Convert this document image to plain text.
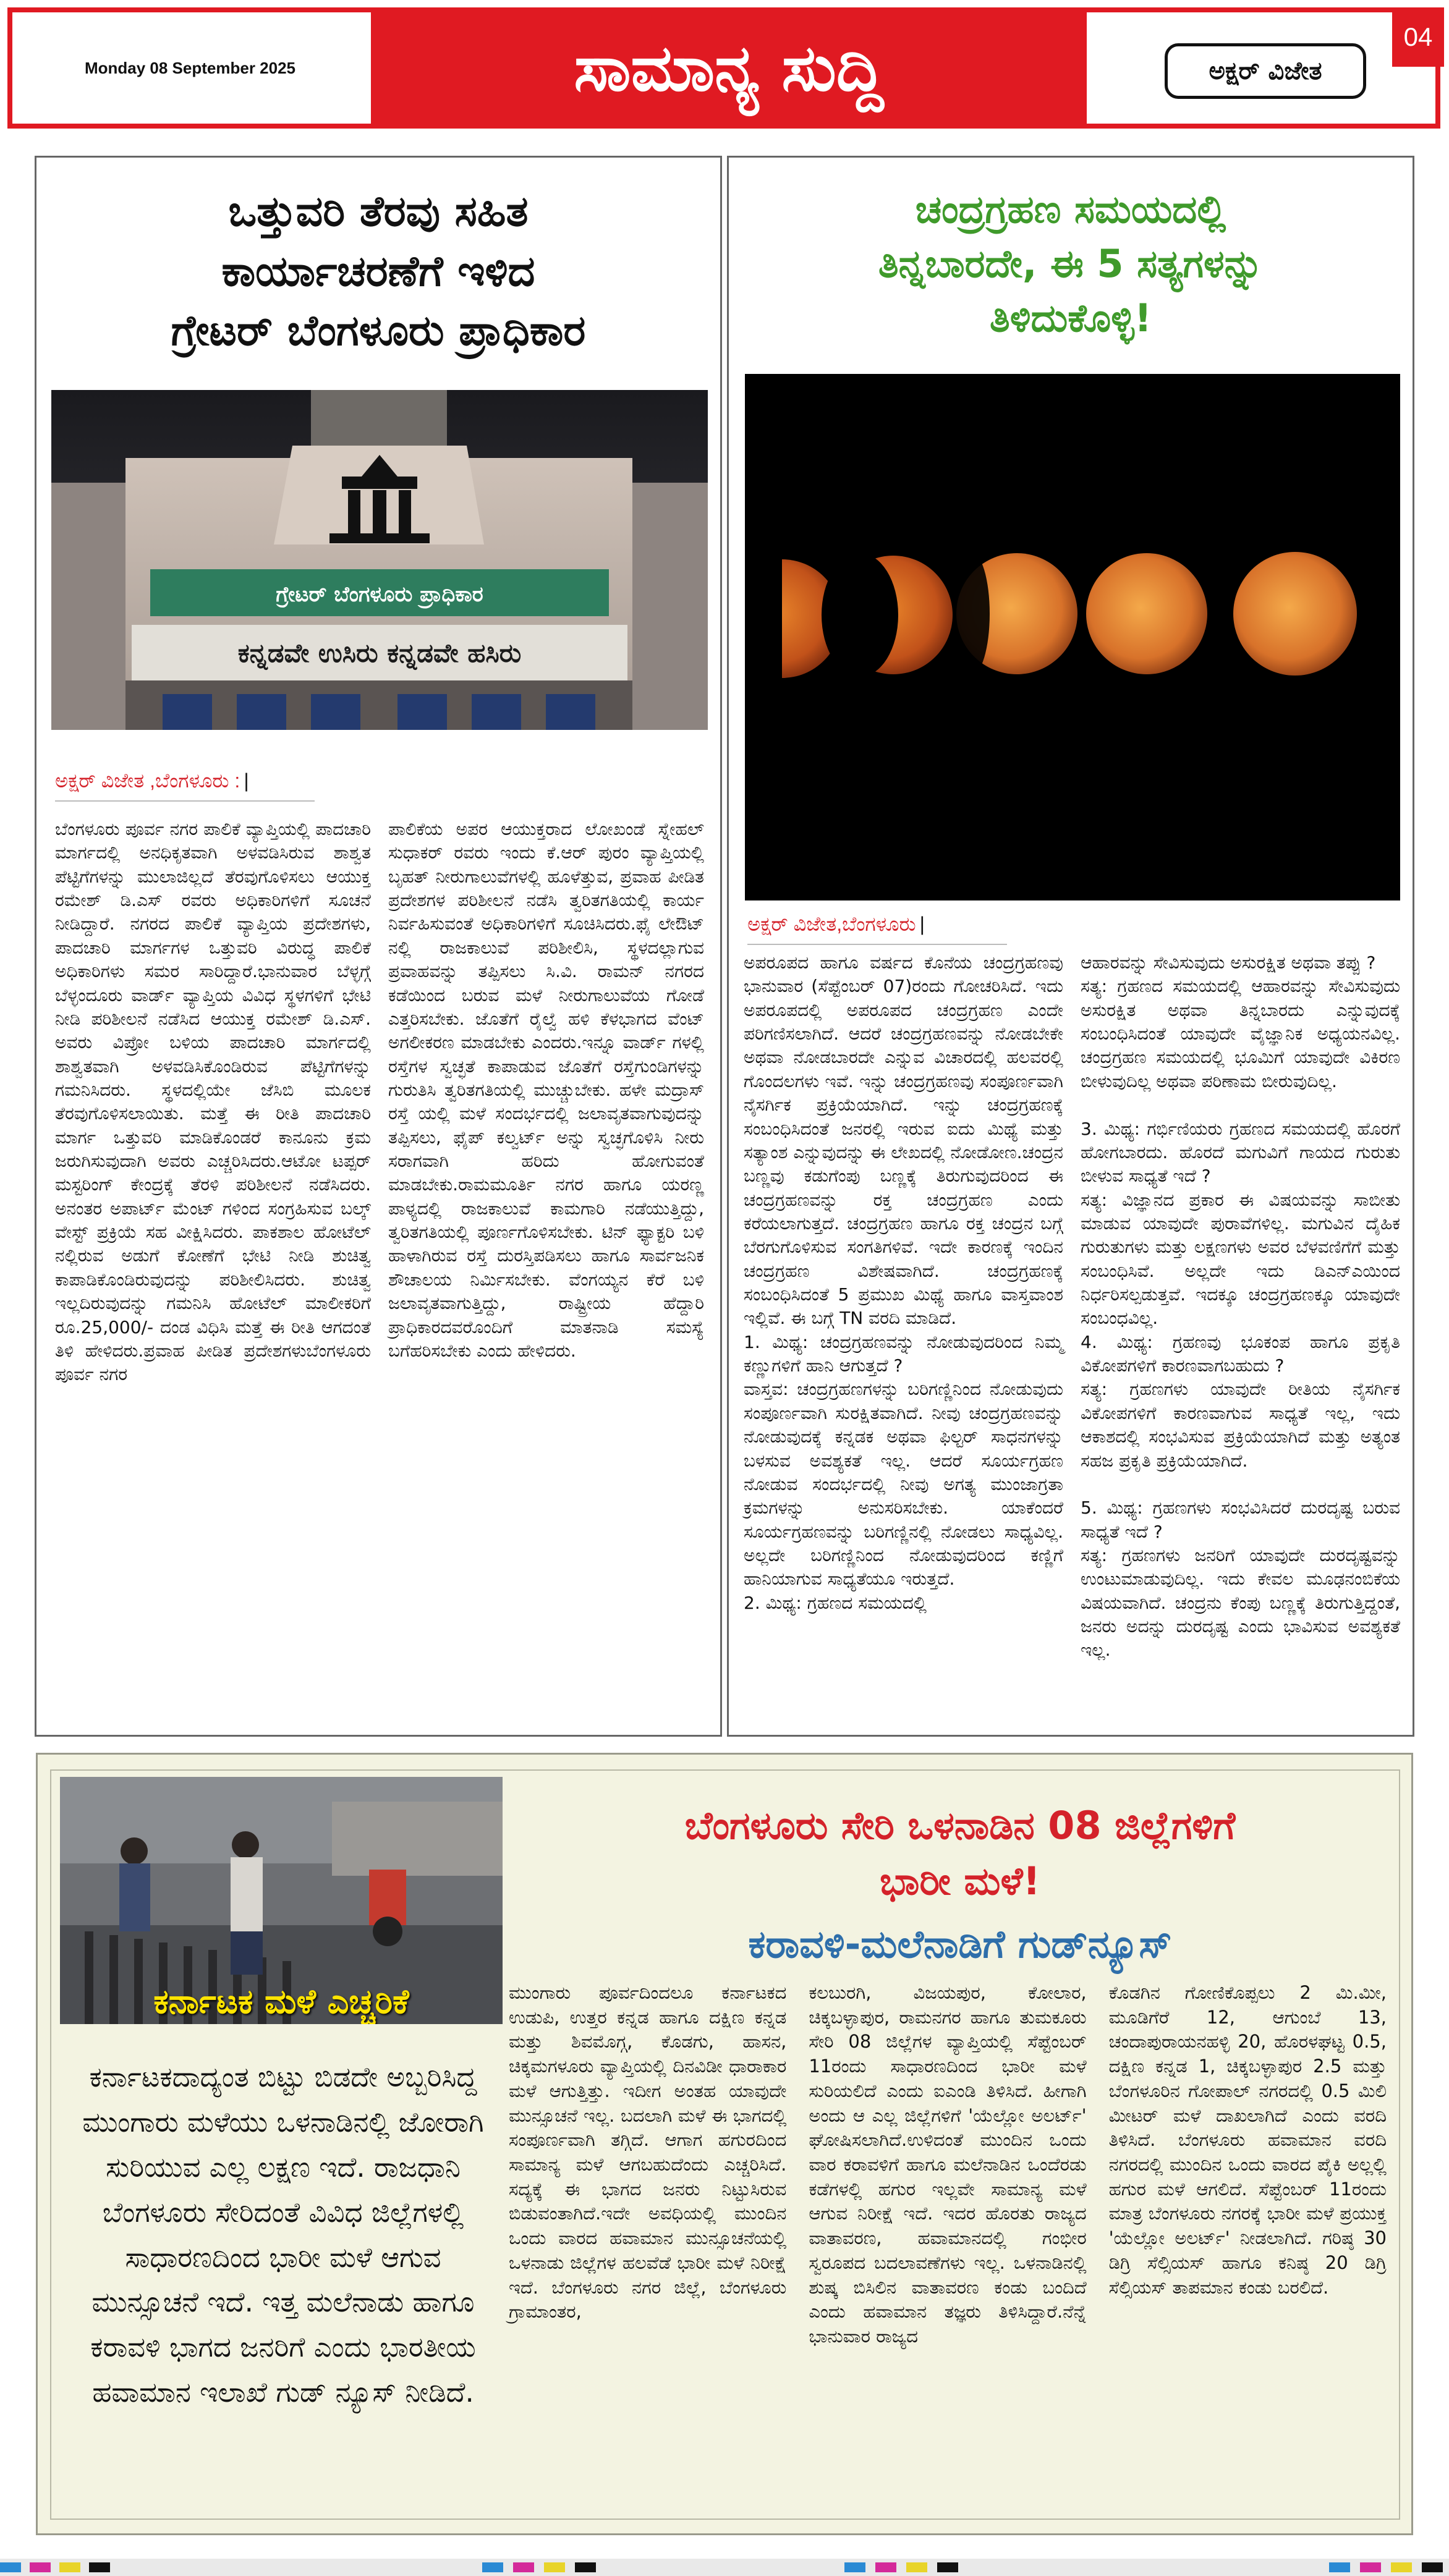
Monday 08 September 2025	ಸಾಮಾನ್ಯ ಸುದ್ದಿ	ಅಕ್ಷರ್ ವಿಜೇತ
04
ಒತ್ತುವರಿ ತೆರವು ಸಹಿತ
ಕಾರ್ಯಾಚರಣೆಗೆ ಇಳಿದ
ಗ್ರೇಟರ್ ಬೆಂಗಳೂರು ಪ್ರಾಧಿಕಾರ
ಗ್ರೇಟರ್ ಬೆಂಗಳೂರು ಪ್ರಾಧಿಕಾರ
ಕನ್ನಡವೇ ಉಸಿರು ಕನ್ನಡವೇ ಹಸಿರು
ಅಕ್ಷರ್ ವಿಜೇತ ,ಬೆಂಗಳೂರು : |

ಬೆಂಗಳೂರು ಪೂರ್ವ ನಗರ ಪಾಲಿಕೆ ವ್ಯಾಪ್ತಿಯಲ್ಲಿ ಪಾದಚಾರಿ ಮಾರ್ಗದಲ್ಲಿ ಅನಧಿಕೃತವಾಗಿ ಅಳವಡಿಸಿರುವ ಶಾಶ್ವತ ಪೆಟ್ಟಿಗೆಗಳನ್ನು ಮುಲಾಜಿಲ್ಲದೆ ತೆರವುಗೊಳಿಸಲು ಆಯುಕ್ತ ರಮೇಶ್ ಡಿ.ಎಸ್ ರವರು ಅಧಿಕಾರಿಗಳಿಗೆ ಸೂಚನೆ ನೀಡಿದ್ದಾರೆ. ನಗರದ ಪಾಲಿಕೆ ವ್ಯಾಪ್ತಿಯ ಪ್ರದೇಶಗಳು, ಪಾದಚಾರಿ ಮಾರ್ಗಗಳ ಒತ್ತುವರಿ ವಿರುದ್ಧ ಪಾಲಿಕೆ ಅಧಿಕಾರಿಗಳು ಸಮರ ಸಾರಿದ್ದಾರೆ.ಭಾನುವಾರ ಬೆಳ್ಳಗ್ಗೆ ಬೆಳ್ಳಂದೂರು ವಾರ್ಡ್ ವ್ಯಾಪ್ತಿಯ ವಿವಿಧ ಸ್ಥಳಗಳಿಗೆ ಭೇಟಿ ನೀಡಿ ಪರಿಶೀಲನೆ ನಡೆಸಿದ ಆಯುಕ್ತ ರಮೇಶ್ ಡಿ.ಎಸ್. ಅವರು ವಿಪ್ರೋ ಬಳಿಯ ಪಾದಚಾರಿ ಮಾರ್ಗದಲ್ಲಿ ಶಾಶ್ವತವಾಗಿ ಅಳವಡಿಸಿಕೊಂಡಿರುವ ಪೆಟ್ಟಿಗೆಗಳನ್ನು ಗಮನಿಸಿದರು. ಸ್ಥಳದಲ್ಲಿಯೇ ಜೆಸಿಬಿ ಮೂಲಕ ತೆರವುಗೊಳಿಸಲಾಯಿತು. ಮತ್ತೆ ಈ ರೀತಿ ಪಾದಚಾರಿ ಮಾರ್ಗ ಒತ್ತುವರಿ ಮಾಡಿಕೊಂಡರೆ ಕಾನೂನು ಕ್ರಮ ಜರುಗಿಸುವುದಾಗಿ ಅವರು ಎಚ್ಚರಿಸಿದರು.ಆಟೋ ಟಪ್ಪರ್ ಮಸ್ಟರಿಂಗ್ ಕೇಂದ್ರಕ್ಕೆ ತೆರಳಿ ಪರಿಶೀಲನೆ ನಡೆಸಿದರು. ಅನಂತರ ಅಪಾರ್ಟ್ ಮೆಂಟ್ ಗಳಿಂದ ಸಂಗ್ರಹಿಸುವ ಬಲ್ಕ್ ವೇಸ್ಟ್ ಪ್ರಕ್ರಿಯೆ ಸಹ ವೀಕ್ಷಿಸಿದರು. ಪಾಕಶಾಲ ಹೋಟೆಲ್ ನಲ್ಲಿರುವ ಅಡುಗೆ ಕೋಣೆಗೆ ಭೇಟಿ ನೀಡಿ ಶುಚಿತ್ವ ಕಾಪಾಡಿಕೊಂಡಿರುವುದನ್ನು ಪರಿಶೀಲಿಸಿದರು. ಶುಚಿತ್ವ ಇಲ್ಲದಿರುವುದನ್ನು ಗಮನಿಸಿ ಹೋಟೆಲ್ ಮಾಲೀಕರಿಗೆ ರೂ.25,000/- ದಂಡ ವಿಧಿಸಿ ಮತ್ತೆ ಈ ರೀತಿ ಆಗದಂತೆ ತಿಳಿ ಹೇಳಿದರು.ಪ್ರವಾಹ ಪೀಡಿತ ಪ್ರದೇಶಗಳುಬೆಂಗಳೂರು ಪೂರ್ವ ನಗರ

ಪಾಲಿಕೆಯ ಅಪರ ಆಯುಕ್ತರಾದ ಲೋಖಂಡೆ ಸ್ನೇಹಲ್ ಸುಧಾಕರ್ ರವರು ಇಂದು ಕೆ.ಆರ್ ಪುರಂ ವ್ಯಾಪ್ತಿಯಲ್ಲಿ ಬೃಹತ್ ನೀರುಗಾಲುವೆಗಳಲ್ಲಿ ಹೂಳೆತ್ತುವ, ಪ್ರವಾಹ ಪೀಡಿತ ಪ್ರದೇಶಗಳ ಪರಿಶೀಲನೆ ನಡೆಸಿ ತ್ವರಿತಗತಿಯಲ್ಲಿ ಕಾರ್ಯ ನಿರ್ವಹಿಸುವಂತೆ ಅಧಿಕಾರಿಗಳಿಗೆ ಸೂಚಿಸಿದರು.ಫೈ ಲೇಔಟ್ ನಲ್ಲಿ ರಾಜಕಾಲುವೆ ಪರಿಶೀಲಿಸಿ, ಸ್ಥಳದಲ್ಲಾಗುವ ಪ್ರವಾಹವನ್ನು ತಪ್ಪಿಸಲು ಸಿ.ವಿ. ರಾಮನ್ ನಗರದ ಕಡೆಯಿಂದ ಬರುವ ಮಳೆ ನೀರುಗಾಲುವೆಯ ಗೋಡೆ ಎತ್ತರಿಸಬೇಕು. ಜೊತೆಗೆ ರೈಲ್ವೆ ಹಳಿ ಕೆಳಭಾಗದ ವೆಂಟ್ ಅಗಲೀಕರಣ ಮಾಡಬೇಕು ಎಂದರು.ಇನ್ನೂ ವಾರ್ಡ್ ಗಳಲ್ಲಿ ರಸ್ತೆಗಳ ಸ್ವಚ್ಛತೆ ಕಾಪಾಡುವ ಜೊತೆಗೆ ರಸ್ತೆಗುಂಡಿಗಳನ್ನು ಗುರುತಿಸಿ ತ್ವರಿತಗತಿಯಲ್ಲಿ ಮುಚ್ಚುಬೇಕು. ಹಳೇ ಮದ್ರಾಸ್ ರಸ್ತೆ ಯಲ್ಲಿ ಮಳೆ ಸಂದರ್ಭದಲ್ಲಿ ಜಲಾವೃತವಾಗುವುದನ್ನು ತಪ್ಪಿಸಲು, ಫೈಪ್ ಕಲ್ವರ್ಟ್ ಅನ್ನು ಸ್ವಚ್ಛಗೊಳಿಸಿ ನೀರು ಸರಾಗವಾಗಿ ಹರಿದು ಹೋಗುವಂತೆ ಮಾಡಬೇಕು.ರಾಮಮೂರ್ತಿ ನಗರ ಹಾಗೂ ಯರಣ್ಣ ಪಾಳ್ಯದಲ್ಲಿ ರಾಜಕಾಲುವೆ ಕಾಮಗಾರಿ ನಡೆಯುತ್ತಿದ್ದು, ತ್ವರಿತಗತಿಯಲ್ಲಿ ಪೂರ್ಣಗೊಳಿಸಬೇಕು. ಟಿನ್ ಫ್ಯಾಕ್ಟರಿ ಬಳಿ ಹಾಳಾಗಿರುವ ರಸ್ತೆ ದುರಸ್ತಿಪಡಿಸಲು ಹಾಗೂ ಸಾರ್ವಜನಿಕ ಶೌಚಾಲಯ ನಿರ್ಮಿಸಬೇಕು. ವೆಂಗಯ್ಯನ ಕೆರೆ ಬಳಿ ಜಲಾವೃತವಾಗುತ್ತಿದ್ದು, ರಾಷ್ಟ್ರೀಯ ಹೆದ್ದಾರಿ ಪ್ರಾಧಿಕಾರದವರೊಂದಿಗೆ ಮಾತನಾಡಿ ಸಮಸ್ಯೆ ಬಗೆಹರಿಸಬೇಕು ಎಂದು ಹೇಳಿದರು.

ಚಂದ್ರಗ್ರಹಣ ಸಮಯದಲ್ಲಿ
ತಿನ್ನಬಾರದೇ, ಈ 5 ಸತ್ಯಗಳನ್ನು
ತಿಳಿದುಕೊಳ್ಳಿ!
ಅಕ್ಷರ್ ವಿಜೇತ,ಬೆಂಗಳೂರು |

ಅಪರೂಪದ ಹಾಗೂ ವರ್ಷದ ಕೊನೆಯ ಚಂದ್ರಗ್ರಹಣವು ಭಾನುವಾರ (ಸೆಪ್ಟೆಂಬರ್ 07)ರಂದು ಗೋಚರಿಸಿದೆ. ಇದು ಅಪರೂಪದಲ್ಲಿ ಅಪರೂಪದ ಚಂದ್ರಗ್ರಹಣ ಎಂದೇ ಪರಿಗಣಿಸಲಾಗಿದೆ. ಆದರೆ ಚಂದ್ರಗ್ರಹಣವನ್ನು ನೋಡಬೇಕೇ ಅಥವಾ ನೋಡಬಾರದೇ ಎನ್ನುವ ವಿಚಾರದಲ್ಲಿ ಹಲವರಲ್ಲಿ ಗೊಂದಲಗಳು ಇವೆ. ಇನ್ನು ಚಂದ್ರಗ್ರಹಣವು ಸಂಪೂರ್ಣವಾಗಿ ನೈಸರ್ಗಿಕ ಪ್ರಕ್ರಿಯೆಯಾಗಿದೆ. ಇನ್ನು ಚಂದ್ರಗ್ರಹಣಕ್ಕೆ ಸಂಬಂಧಿಸಿದಂತೆ ಜನರಲ್ಲಿ ಇರುವ ಐದು ಮಿಥ್ಯೆ ಮತ್ತು ಸತ್ಯಾಂಶ ಎನ್ನುವುದನ್ನು ಈ ಲೇಖದಲ್ಲಿ ನೋಡೋಣ.ಚಂದ್ರನ ಬಣ್ಣವು ಕಡುಗೆಂಪು ಬಣ್ಣಕ್ಕೆ ತಿರುಗುವುದರಿಂದ ಈ ಚಂದ್ರಗ್ರಹಣವನ್ನು ರಕ್ತ ಚಂದ್ರಗ್ರಹಣ ಎಂದು ಕರೆಯಲಾಗುತ್ತದೆ. ಚಂದ್ರಗ್ರಹಣ ಹಾಗೂ ರಕ್ತ ಚಂದ್ರನ ಬಗ್ಗೆ ಬೆರಗುಗೊಳಿಸುವ ಸಂಗತಿಗಳಿವೆ. ಇದೇ ಕಾರಣಕ್ಕೆ ಇಂದಿನ ಚಂದ್ರಗ್ರಹಣ ವಿಶೇಷವಾಗಿದೆ. ಚಂದ್ರಗ್ರಹಣಕ್ಕೆ ಸಂಬಂಧಿಸಿದಂತೆ 5 ಪ್ರಮುಖ ಮಿಥ್ಯೆ ಹಾಗೂ ವಾಸ್ತವಾಂಶ ಇಲ್ಲಿವೆ. ಈ ಬಗ್ಗೆ TN ವರದಿ ಮಾಡಿದೆ.
1. ಮಿಥ್ಯ: ಚಂದ್ರಗ್ರಹಣವನ್ನು ನೋಡುವುದರಿಂದ ನಿಮ್ಮ ಕಣ್ಣುಗಳಿಗೆ ಹಾನಿ ಆಗುತ್ತದೆ ?
ವಾಸ್ತವ: ಚಂದ್ರಗ್ರಹಣಗಳನ್ನು ಬರಿಗಣ್ಣಿನಿಂದ ನೋಡುವುದು ಸಂಪೂರ್ಣವಾಗಿ ಸುರಕ್ಷಿತವಾಗಿದೆ. ನೀವು ಚಂದ್ರಗ್ರಹಣವನ್ನು ನೋಡುವುದಕ್ಕೆ ಕನ್ನಡಕ ಅಥವಾ ಫಿಲ್ಟರ್ ಸಾಧನಗಳನ್ನು ಬಳಸುವ ಅವಶ್ಯಕತೆ ಇಲ್ಲ. ಆದರೆ ಸೂರ್ಯಗ್ರಹಣ ನೋಡುವ ಸಂದರ್ಭದಲ್ಲಿ ನೀವು ಅಗತ್ಯ ಮುಂಜಾಗ್ರತಾ ಕ್ರಮಗಳನ್ನು ಅನುಸರಿಸಬೇಕು. ಯಾಕೆಂದರೆ ಸೂರ್ಯಗ್ರಹಣವನ್ನು ಬರಿಗಣ್ಣಿನಲ್ಲಿ ನೋಡಲು ಸಾಧ್ಯವಿಲ್ಲ. ಅಲ್ಲದೇ ಬರಿಗಣ್ಣಿನಿಂದ ನೋಡುವುದರಿಂದ ಕಣ್ಣಿಗೆ ಹಾನಿಯಾಗುವ ಸಾಧ್ಯತೆಯೂ ಇರುತ್ತದೆ.
2. ಮಿಥ್ಯ: ಗ್ರಹಣದ ಸಮಯದಲ್ಲಿ

ಆಹಾರವನ್ನು ಸೇವಿಸುವುದು ಅಸುರಕ್ಷಿತ ಅಥವಾ ತಪ್ಪು ?
ಸತ್ಯ: ಗ್ರಹಣದ ಸಮಯದಲ್ಲಿ ಆಹಾರವನ್ನು ಸೇವಿಸುವುದು ಅಸುರಕ್ಷಿತ ಅಥವಾ ತಿನ್ನಬಾರದು ಎನ್ನುವುದಕ್ಕೆ ಸಂಬಂಧಿಸಿದಂತೆ ಯಾವುದೇ ವೈಜ್ಞಾನಿಕ ಅಧ್ಯಯನವಿಲ್ಲ. ಚಂದ್ರಗ್ರಹಣ ಸಮಯದಲ್ಲಿ ಭೂಮಿಗೆ ಯಾವುದೇ ವಿಕಿರಣ ಬೀಳುವುದಿಲ್ಲ ಅಥವಾ ಪರಿಣಾಮ ಬೀರುವುದಿಲ್ಲ.

3. ಮಿಥ್ಯ: ಗರ್ಭಿಣಿಯರು ಗ್ರಹಣದ ಸಮಯದಲ್ಲಿ ಹೊರಗೆ ಹೋಗಬಾರದು. ಹೊರದೆ ಮಗುವಿಗೆ ಗಾಯದ ಗುರುತು ಬೀಳುವ ಸಾಧ್ಯತೆ ಇದೆ ?
ಸತ್ಯ: ವಿಜ್ಞಾನದ ಪ್ರಕಾರ ಈ ವಿಷಯವನ್ನು ಸಾಬೀತು ಮಾಡುವ ಯಾವುದೇ ಪುರಾವೆಗಳಿಲ್ಲ. ಮಗುವಿನ ದೈಹಿಕ ಗುರುತುಗಳು ಮತ್ತು ಲಕ್ಷಣಗಳು ಅವರ ಬೆಳವಣಿಗೆಗೆ ಮತ್ತು ಸಂಬಂಧಿಸಿವೆ. ಅಲ್ಲದೇ ಇದು ಡಿಎನ್ಎಯಿಂದ ನಿರ್ಧರಿಸಲ್ಪಡುತ್ತವೆ. ಇದಕ್ಕೂ ಚಂದ್ರಗ್ರಹಣಕ್ಕೂ ಯಾವುದೇ ಸಂಬಂಧವಿಲ್ಲ.
4. ಮಿಥ್ಯ: ಗ್ರಹಣವು ಭೂಕಂಪ ಹಾಗೂ ಪ್ರಕೃತಿ ವಿಕೋಪಗಳಿಗೆ ಕಾರಣವಾಗಬಹುದು ?
ಸತ್ಯ: ಗ್ರಹಣಗಳು ಯಾವುದೇ ರೀತಿಯ ನೈಸರ್ಗಿಕ ವಿಕೋಪಗಳಿಗೆ ಕಾರಣವಾಗುವ ಸಾಧ್ಯತೆ ಇಲ್ಲ, ಇದು ಆಕಾಶದಲ್ಲಿ ಸಂಭವಿಸುವ ಪ್ರಕ್ರಿಯೆಯಾಗಿದೆ ಮತ್ತು ಅತ್ಯಂತ ಸಹಜ ಪ್ರಕೃತಿ ಪ್ರಕ್ರಿಯೆಯಾಗಿದೆ.

5. ಮಿಥ್ಯ: ಗ್ರಹಣಗಳು ಸಂಭವಿಸಿದರೆ ದುರದೃಷ್ಟ ಬರುವ ಸಾಧ್ಯತೆ ಇದೆ ?
ಸತ್ಯ: ಗ್ರಹಣಗಳು ಜನರಿಗೆ ಯಾವುದೇ ದುರದೃಷ್ಟವನ್ನು ಉಂಟುಮಾಡುವುದಿಲ್ಲ. ಇದು ಕೇವಲ ಮೂಢನಂಬಿಕೆಯ ವಿಷಯವಾಗಿದೆ. ಚಂದ್ರನು ಕೆಂಪು ಬಣ್ಣಕ್ಕೆ ತಿರುಗುತ್ತಿದ್ದಂತೆ, ಜನರು ಅದನ್ನು ದುರದೃಷ್ಟ ಎಂದು ಭಾವಿಸುವ ಅವಶ್ಯಕತೆ ಇಲ್ಲ.

ಕರ್ನಾಟಕ ಮಳೆ ಎಚ್ಚರಿಕೆ
ಬೆಂಗಳೂರು ಸೇರಿ ಒಳನಾಡಿನ 08 ಜಿಲ್ಲೆಗಳಿಗೆ
ಭಾರೀ ಮಳೆ!
ಕರಾವಳಿ-ಮಲೆನಾಡಿಗೆ ಗುಡ್‌ನ್ಯೂಸ್
ಕರ್ನಾಟಕದಾದ್ಯಂತ ಬಿಟ್ಟು ಬಿಡದೇ ಅಬ್ಬರಿಸಿದ್ದ ಮುಂಗಾರು ಮಳೆಯು ಒಳನಾಡಿನಲ್ಲಿ ಜೋರಾಗಿ ಸುರಿಯುವ ಎಲ್ಲ ಲಕ್ಷಣ ಇದೆ. ರಾಜಧಾನಿ ಬೆಂಗಳೂರು ಸೇರಿದಂತೆ ವಿವಿಧ ಜಿಲ್ಲೆಗಳಲ್ಲಿ ಸಾಧಾರಣದಿಂದ ಭಾರೀ ಮಳೆ ಆಗುವ ಮುನ್ಸೂಚನೆ ಇದೆ. ಇತ್ತ ಮಲೆನಾಡು ಹಾಗೂ ಕರಾವಳಿ ಭಾಗದ ಜನರಿಗೆ ಎಂದು ಭಾರತೀಯ ಹವಾಮಾನ ಇಲಾಖೆ ಗುಡ್ ನ್ಯೂಸ್ ನೀಡಿದೆ.

ಮುಂಗಾರು ಪೂರ್ವದಿಂದಲೂ ಕರ್ನಾಟಕದ ಉಡುಪಿ, ಉತ್ತರ ಕನ್ನಡ ಹಾಗೂ ದಕ್ಷಿಣ ಕನ್ನಡ ಮತ್ತು ಶಿವಮೊಗ್ಗ, ಕೊಡಗು, ಹಾಸನ, ಚಿಕ್ಕಮಗಳೂರು ವ್ಯಾಪ್ತಿಯಲ್ಲಿ ದಿನವಿಡೀ ಧಾರಾಕಾರ ಮಳೆ ಆಗುತ್ತಿತ್ತು. ಇದೀಗ ಅಂತಹ ಯಾವುದೇ ಮುನ್ಸೂಚನೆ ಇಲ್ಲ. ಬದಲಾಗಿ ಮಳೆ ಈ ಭಾಗದಲ್ಲಿ ಸಂಪೂರ್ಣವಾಗಿ ತಗ್ಗಿದೆ. ಆಗಾಗ ಹಗುರದಿಂದ ಸಾಮಾನ್ಯ ಮಳೆ ಆಗಬಹುದೆಂದು ಎಚ್ಚರಿಸಿದೆ. ಸದ್ಯಕ್ಕೆ ಈ ಭಾಗದ ಜನರು ನಿಟ್ಟುಸಿರುವ ಬಿಡುವಂತಾಗಿದೆ.ಇದೇ ಅವಧಿಯಲ್ಲಿ ಮುಂದಿನ ಒಂದು ವಾರದ ಹವಾಮಾನ ಮುನ್ಸೂಚನೆಯಲ್ಲಿ ಒಳನಾಡು ಜಿಲ್ಲೆಗಳ ಹಲವೆಡೆ ಭಾರೀ ಮಳೆ ನಿರೀಕ್ಷೆ ಇದೆ. ಬೆಂಗಳೂರು ನಗರ ಜಿಲ್ಲೆ, ಬೆಂಗಳೂರು ಗ್ರಾಮಾಂತರ,

ಕಲಬುರಗಿ, ವಿಜಯಪುರ, ಕೋಲಾರ, ಚಿಕ್ಕಬಳ್ಳಾಪುರ, ರಾಮನಗರ ಹಾಗೂ ತುಮಕೂರು ಸೇರಿ 08 ಜಿಲ್ಲೆಗಳ ವ್ಯಾಪ್ತಿಯಲ್ಲಿ ಸೆಪ್ಟೆಂಬರ್ 11ರಂದು ಸಾಧಾರಣದಿಂದ ಭಾರೀ ಮಳೆ ಸುರಿಯಲಿದೆ ಎಂದು ಐಎಂಡಿ ತಿಳಿಸಿದೆ. ಹೀಗಾಗಿ ಅಂದು ಆ ಎಲ್ಲ ಜಿಲ್ಲೆಗಳಿಗೆ 'ಯೆಲ್ಲೋ ಅಲರ್ಟ್' ಘೋಷಿಸಲಾಗಿದೆ.ಉಳಿದಂತೆ ಮುಂದಿನ ಒಂದು ವಾರ ಕರಾವಳಿಗೆ ಹಾಗೂ ಮಲೆನಾಡಿನ ಒಂದೆರಡು ಕಡೆಗಳಲ್ಲಿ ಹಗುರ ಇಲ್ಲವೇ ಸಾಮಾನ್ಯ ಮಳೆ ಆಗುವ ನಿರೀಕ್ಷೆ ಇದೆ. ಇದರ ಹೊರತು ರಾಜ್ಯದ ವಾತಾವರಣ, ಹವಾಮಾನದಲ್ಲಿ ಗಂಭೀರ ಸ್ವರೂಪದ ಬದಲಾವಣೆಗಳು ಇಲ್ಲ. ಒಳನಾಡಿನಲ್ಲಿ ಶುಷ್ಕ ಬಿಸಿಲಿನ ವಾತಾವರಣ ಕಂಡು ಬಂದಿದೆ ಎಂದು ಹವಾಮಾನ ತಜ್ಞರು ತಿಳಿಸಿದ್ದಾರೆ.ನೆನ್ನೆ ಭಾನುವಾರ ರಾಜ್ಯದ

ಕೊಡಗಿನ ಗೋಣಿಕೊಪ್ಪಲು 2 ಮಿ.ಮೀ, ಮೂಡಿಗೆರೆ 12, ಆಗುಂಬೆ 13, ಚಂದಾಪುರಾಯನಹಳ್ಳಿ 20, ಹೊರಳಘಟ್ಟ 0.5, ದಕ್ಷಿಣ ಕನ್ನಡ 1, ಚಿಕ್ಕಬಳ್ಳಾಪುರ 2.5 ಮತ್ತು ಬೆಂಗಳೂರಿನ ಗೋಪಾಲ್ ನಗರದಲ್ಲಿ 0.5 ಮಿಲಿ ಮೀಟರ್ ಮಳೆ ದಾಖಲಾಗಿದೆ ಎಂದು ವರದಿ ತಿಳಿಸಿದೆ. ಬೆಂಗಳೂರು ಹವಾಮಾನ ವರದಿ ನಗರದಲ್ಲಿ ಮುಂದಿನ ಒಂದು ವಾರದ ಪೈಕಿ ಅಲ್ಲಲ್ಲಿ ಹಗುರ ಮಳೆ ಆಗಲಿದೆ. ಸೆಪ್ಟೆಂಬರ್ 11ರಂದು ಮಾತ್ರ ಬೆಂಗಳೂರು ನಗರಕ್ಕೆ ಭಾರೀ ಮಳೆ ಪ್ರಯುಕ್ತ 'ಯೆಲ್ಲೋ ಅಲರ್ಟ್' ನೀಡಲಾಗಿದೆ. ಗರಿಷ್ಠ 30 ಡಿಗ್ರಿ ಸೆಲ್ಸಿಯಸ್ ಹಾಗೂ ಕನಿಷ್ಠ 20 ಡಿಗ್ರಿ ಸೆಲ್ಸಿಯಸ್ ತಾಪಮಾನ ಕಂಡು ಬರಲಿದೆ.
